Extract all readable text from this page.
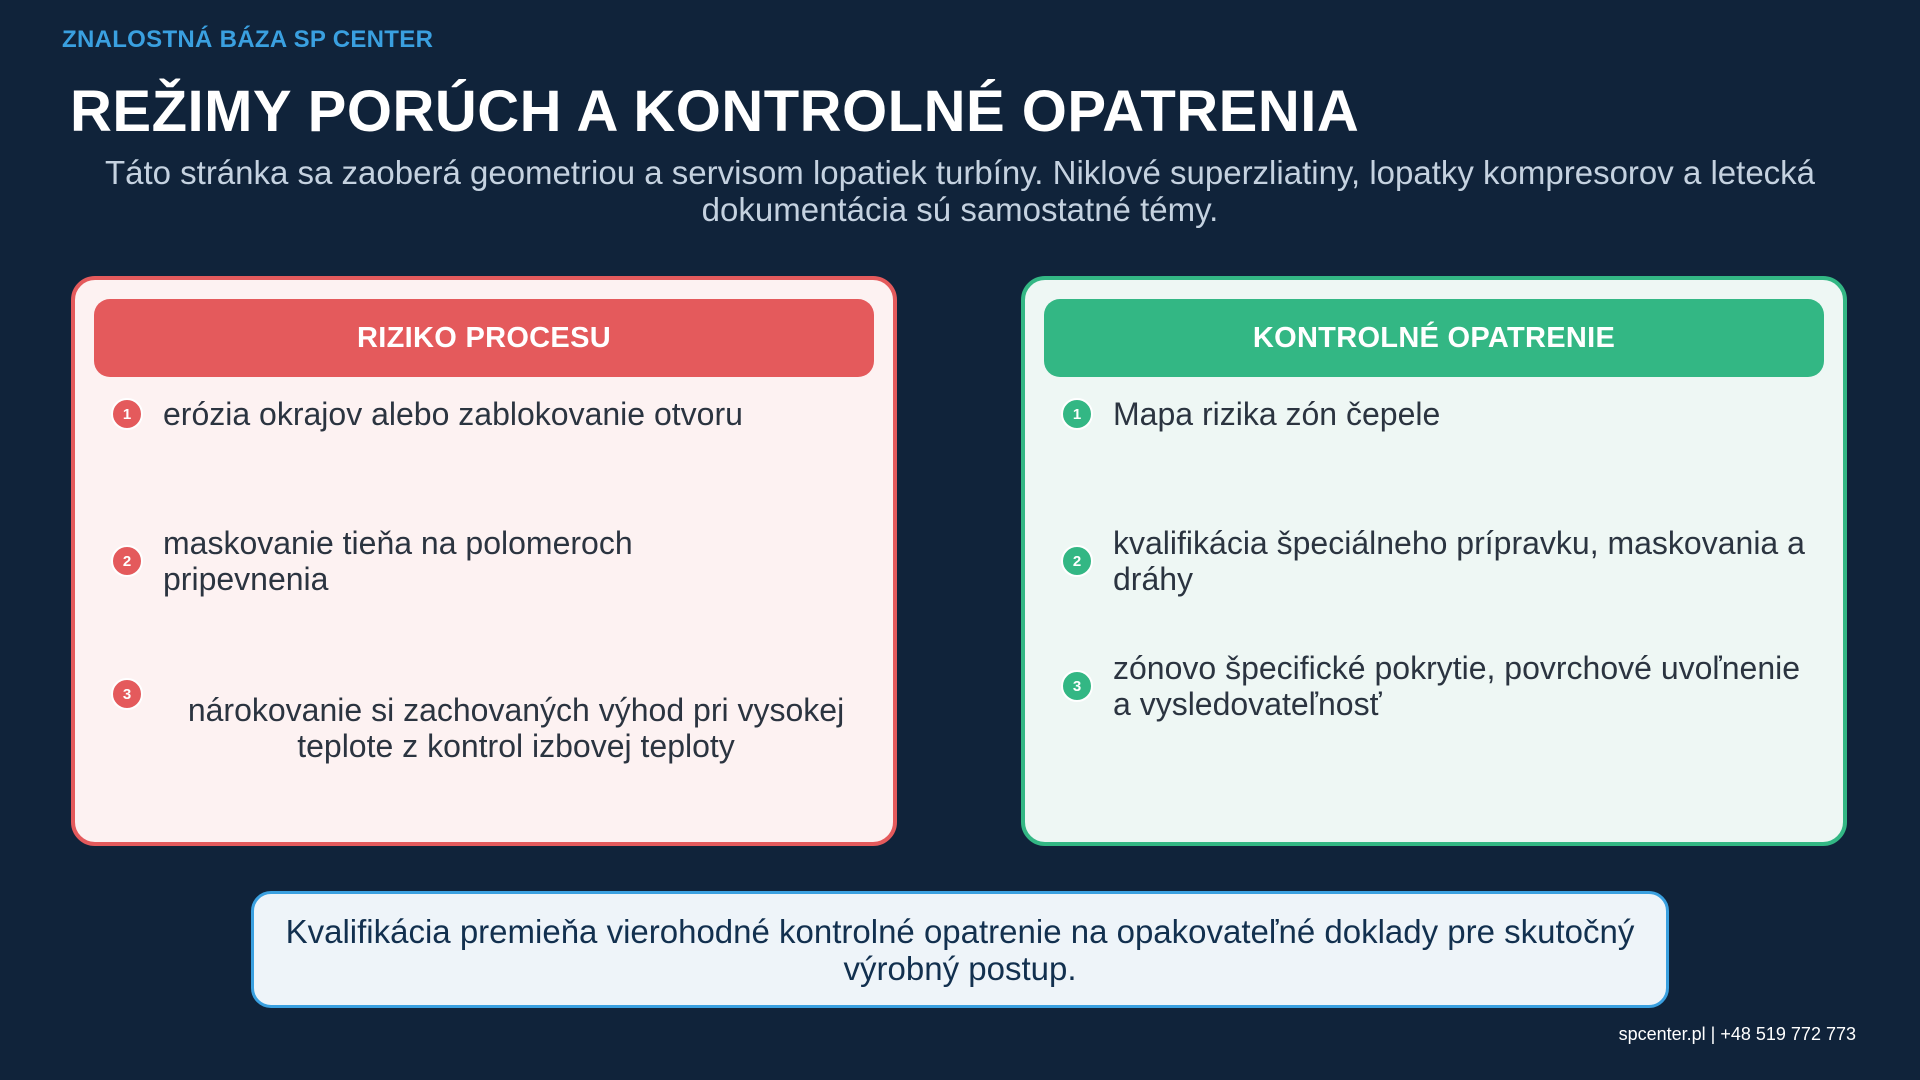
ZNALOSTNÁ BÁZA SP CENTER
REŽIMY PORÚCH A KONTROLNÉ OPATRENIA
Táto stránka sa zaoberá geometriou a servisom lopatiek turbíny. Niklové superzliatiny, lopatky kompresorov a letecká dokumentácia sú samostatné témy.
RIZIKO PROCESU
1 erózia okrajov alebo zablokovanie otvoru
2 maskovanie tieňa na polomeroch pripevnenia
3	nárokovanie si zachovaných výhod pri vysokej teplote z kontrol izbovej teploty
KONTROLNÉ OPATRENIE
1 Mapa rizika zón čepele
2 kvalifikácia špeciálneho prípravku, maskovania a dráhy
3 zónovo špecifické pokrytie, povrchové uvoľnenie a vysledovateľnosť
Kvalifikácia premieňa vierohodné kontrolné opatrenie na opakovateľné doklady pre skutočný výrobný postup.
spcenter.pl | +48 519 772 773
